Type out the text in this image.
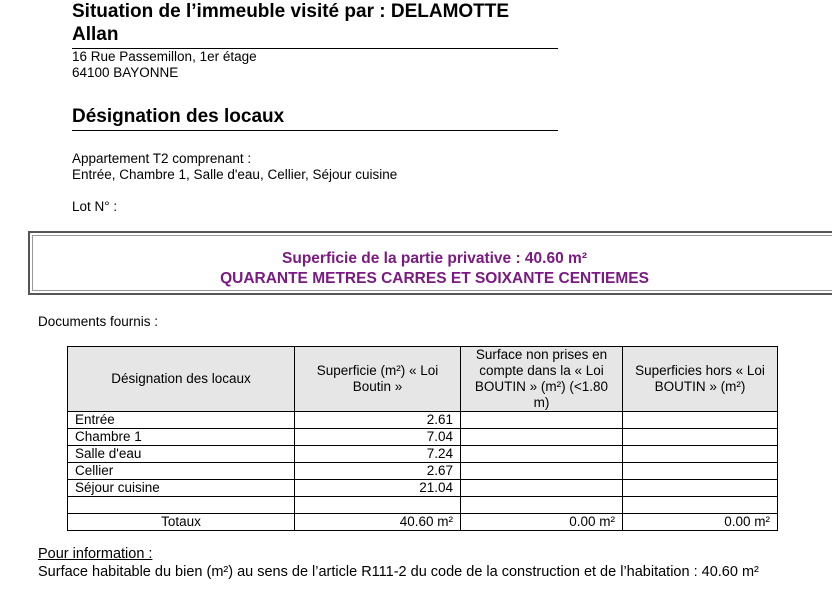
Situation de l’immeuble visité par : DELAMOTTE Allan
16 Rue Passemillon, 1er étage
64100 BAYONNE
Désignation des locaux
Appartement T2 comprenant :
Entrée, Chambre 1, Salle d'eau, Cellier, Séjour cuisine
Lot N° :
Superficie de la partie privative : 40.60 m²
QUARANTE METRES CARRES ET SOIXANTE CENTIEMES
Documents fournis :
Désignation des locaux	Superficie (m²) « Loi Boutin »	Surface non prises en compte dans la « Loi BOUTIN » (m²) (<1.80 m)	Superficies hors « Loi BOUTIN » (m²)
Entrée	2.61		
Chambre 1	7.04		
Salle d'eau	7.24		
Cellier	2.67		
Séjour cuisine	21.04		

Totaux	40.60 m²	0.00 m²	0.00 m²
Pour information :
Surface habitable du bien (m²) au sens de l’article R111-2 du code de la construction et de l’habitation : 40.60 m²
